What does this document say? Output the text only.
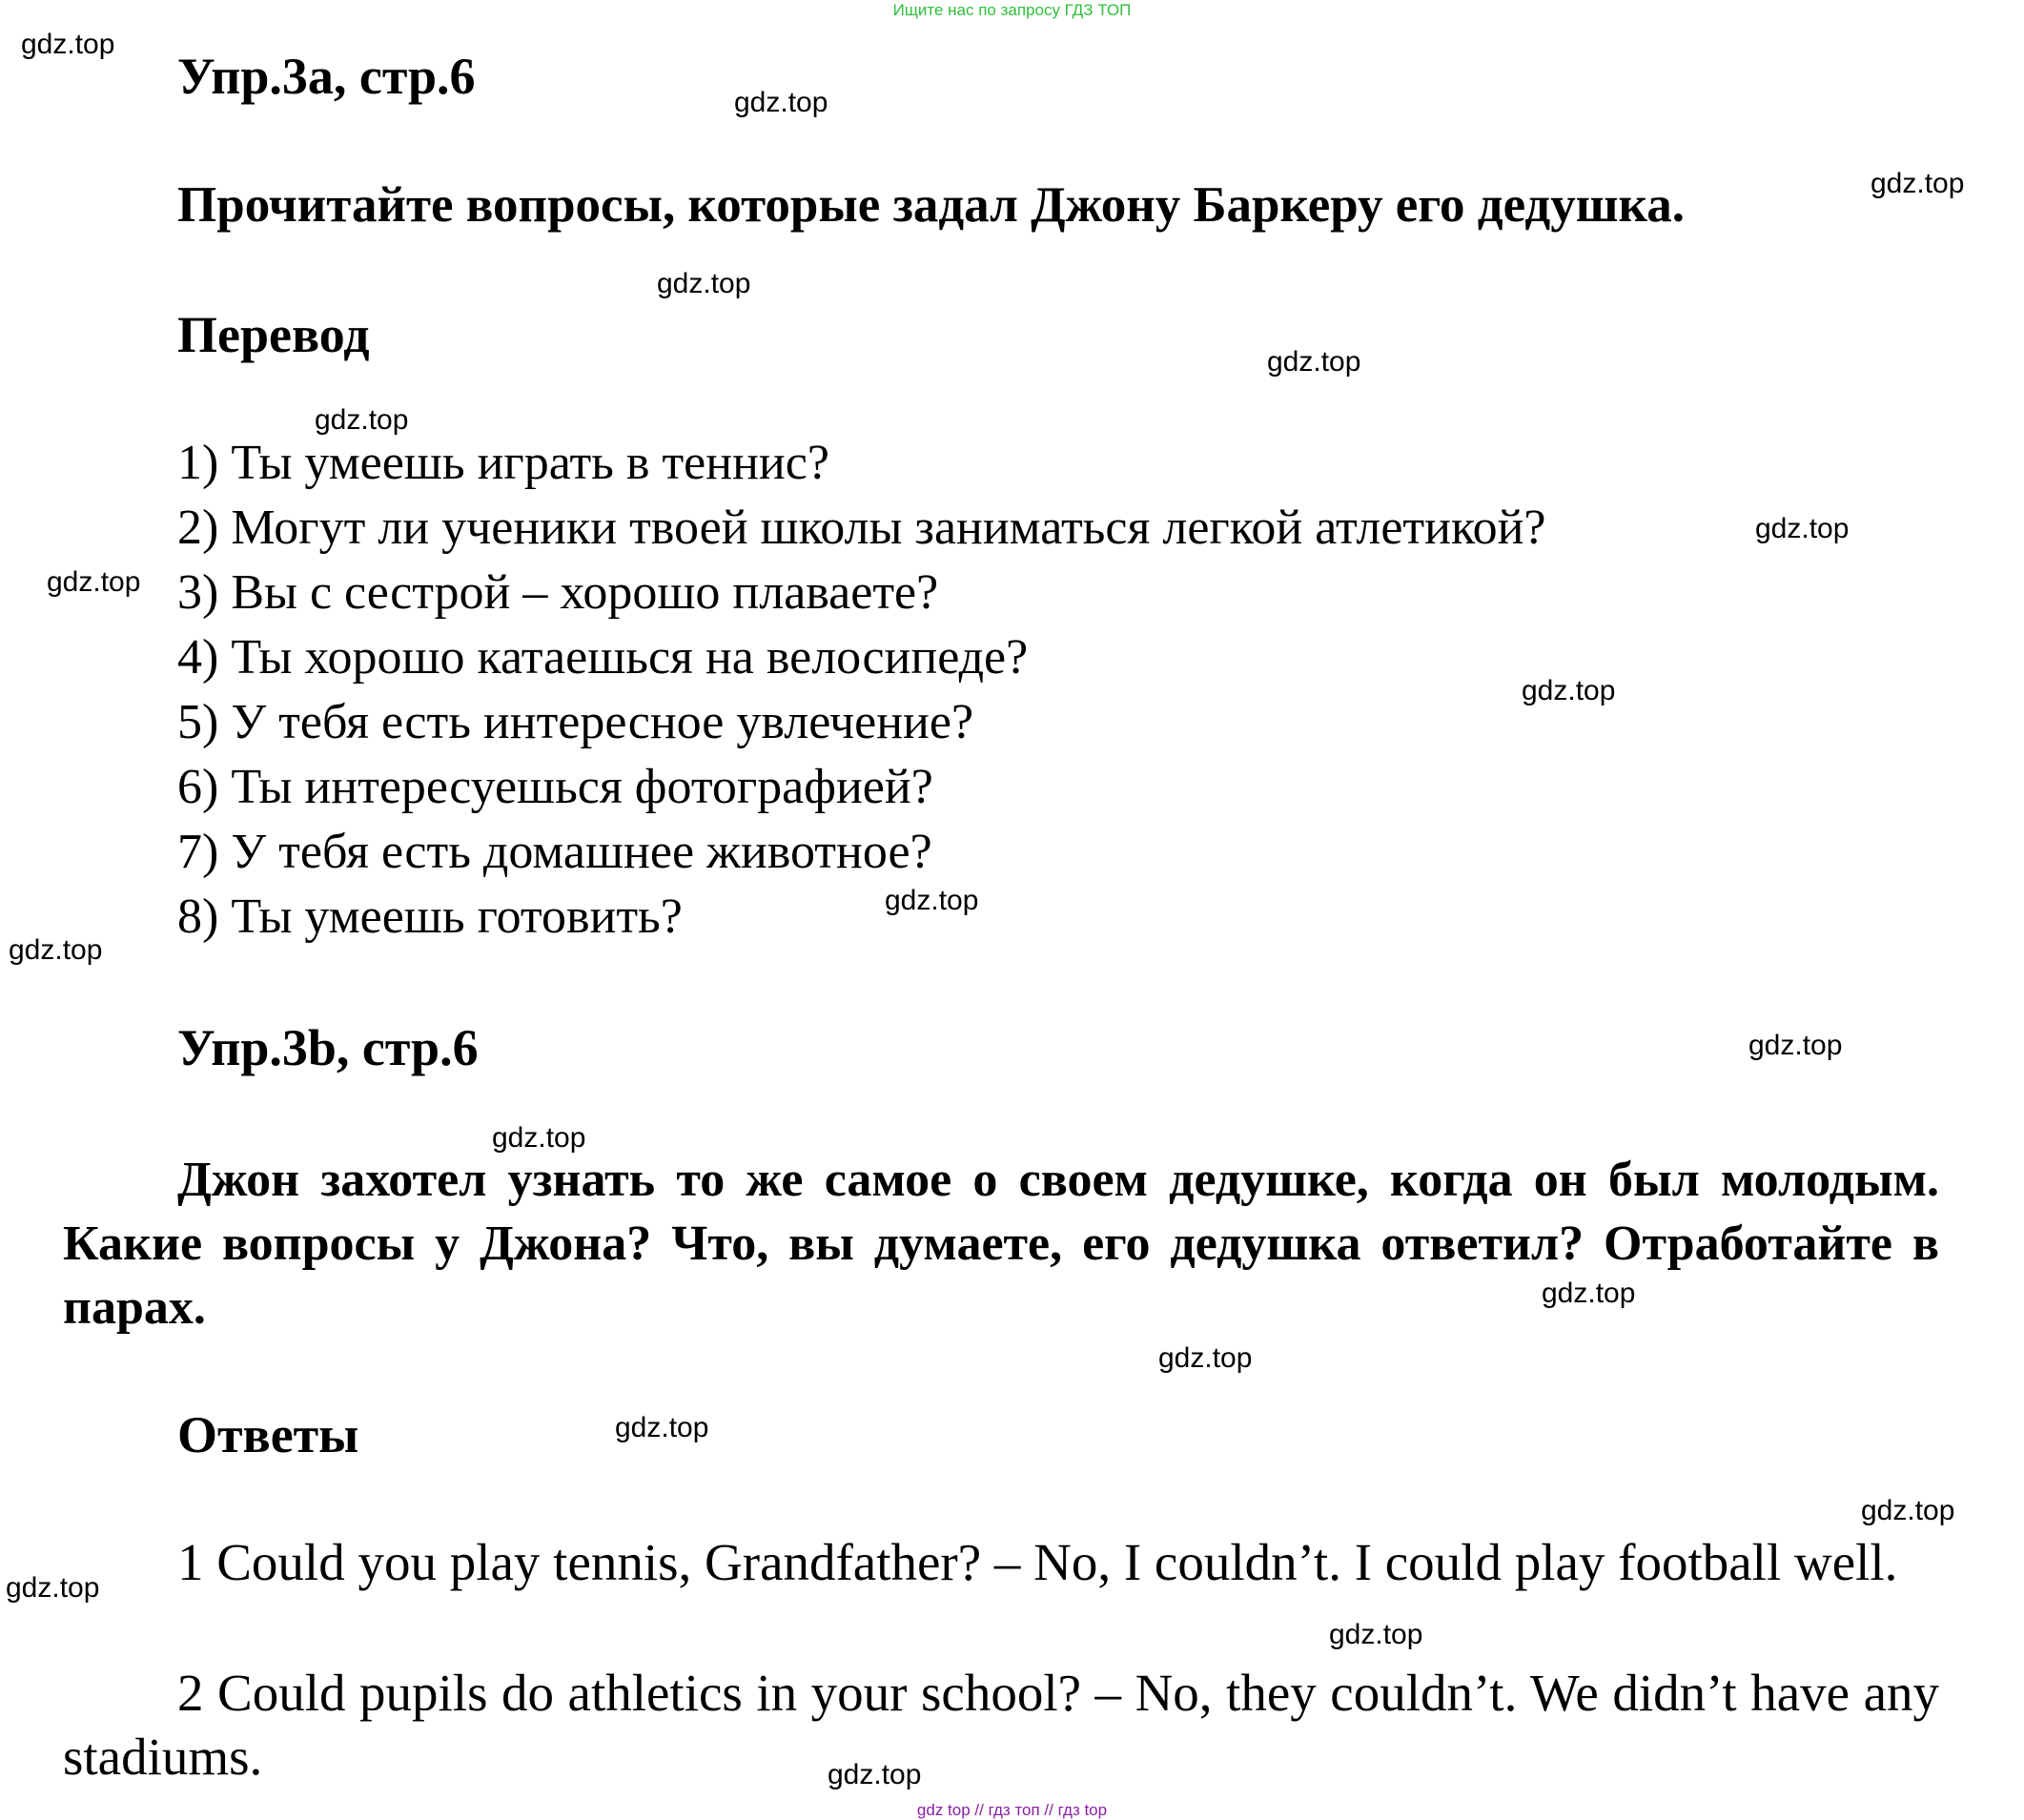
Ищите нас по запросу ГДЗ ТОП
Упр.3a, стр.6
Прочитайте вопросы, которые задал Джону Баркеру его дедушка.
Перевод
1) Ты умеешь играть в теннис?
2) Могут ли ученики твоей школы заниматься легкой атлетикой?
3) Вы с сестрой – хорошо плаваете?
4) Ты хорошо катаешься на велосипеде?
5) У тебя есть интересное увлечение?
6) Ты интересуешься фотографией?
7) У тебя есть домашнее животное?
8) Ты умеешь готовить?
Упр.3b, стр.6
Джон захотел узнать то же самое о своем дедушке, когда он был молодым. Какие вопросы у Джона? Что, вы думаете, его дедушка ответил? Отработайте в парах.
Ответы
1 Could you play tennis, Grandfather? – No, I couldn’t. I could play football well.
2 Could pupils do athletics in your school? – No, they couldn’t. We didn’t have any stadiums.
gdz.top
gdz.top
gdz.top
gdz.top
gdz.top
gdz.top
gdz.top
gdz.top
gdz.top
gdz.top
gdz.top
gdz.top
gdz.top
gdz.top
gdz.top
gdz.top
gdz.top
gdz.top
gdz.top
gdz.top
gdz top // гдз топ // гдз top
